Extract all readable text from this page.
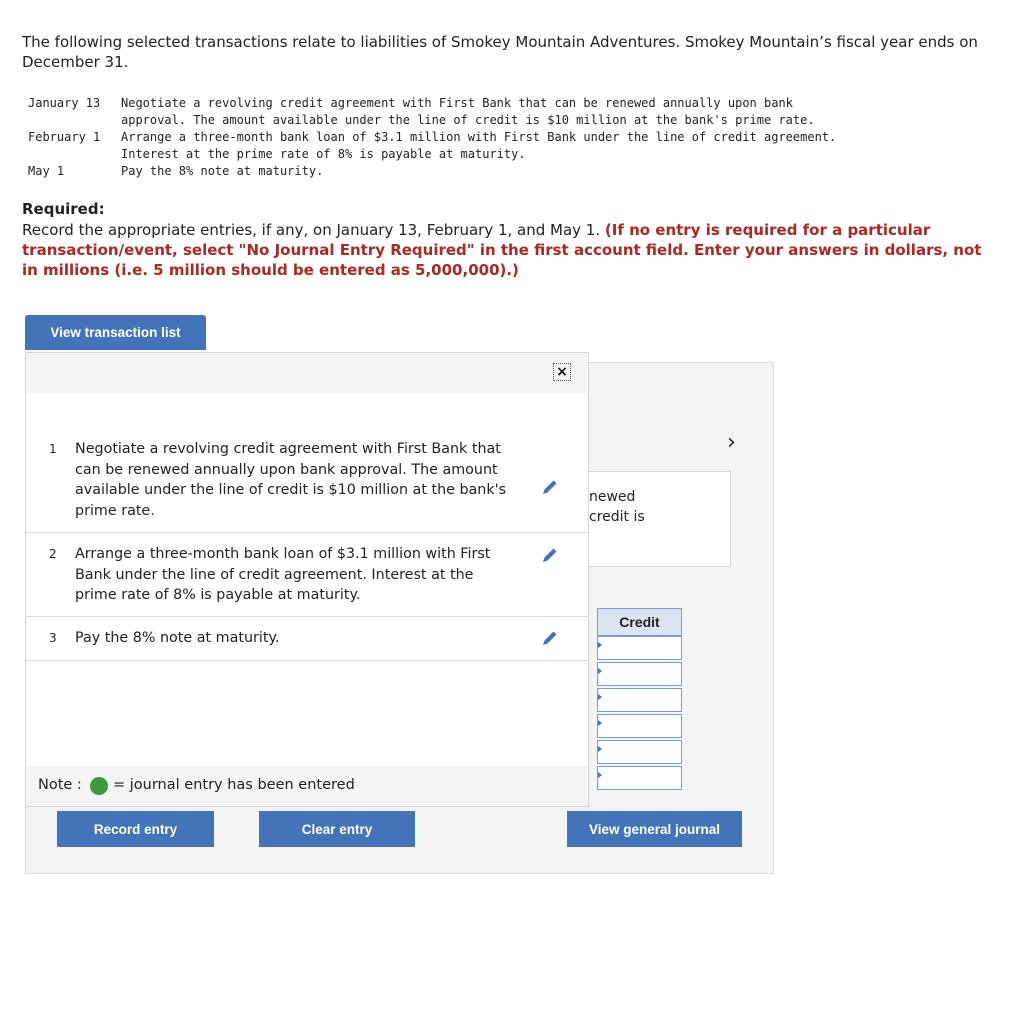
The following selected transactions relate to liabilities of Smokey Mountain Adventures. Smokey Mountain’s fiscal year ends on December 31.
January 13	Negotiate a revolving credit agreement with First Bank that can be renewed annually upon bank
	approval. The amount available under the line of credit is $10 million at the bank's prime rate.
February 1	Arrange a three-month bank loan of $3.1 million with First Bank under the line of credit agreement.
	Interest at the prime rate of 8% is payable at maturity.
May 1	Pay the 8% note at maturity.
Required:
Record the appropriate entries, if any, on January 13, February 1, and May 1. (If no entry is required for a particular transaction/event, select "No Journal Entry Required" in the first account field. Enter your answers in dollars, not in millions (i.e. 5 million should be entered as 5,000,000).)
View transaction list
›
newed
credit is
Credit
×
1 Negotiate a revolving credit agreement with First Bank that can be renewed annually upon bank approval. The amount available under the line of credit is $10 million at the bank's prime rate.
2 Arrange a three-month bank loan of $3.1 million with First Bank under the line of credit agreement. Interest at the prime rate of 8% is payable at maturity.
3 Pay the 8% note at maturity.
Note : = journal entry has been entered
Record entry	Clear entry	View general journal
